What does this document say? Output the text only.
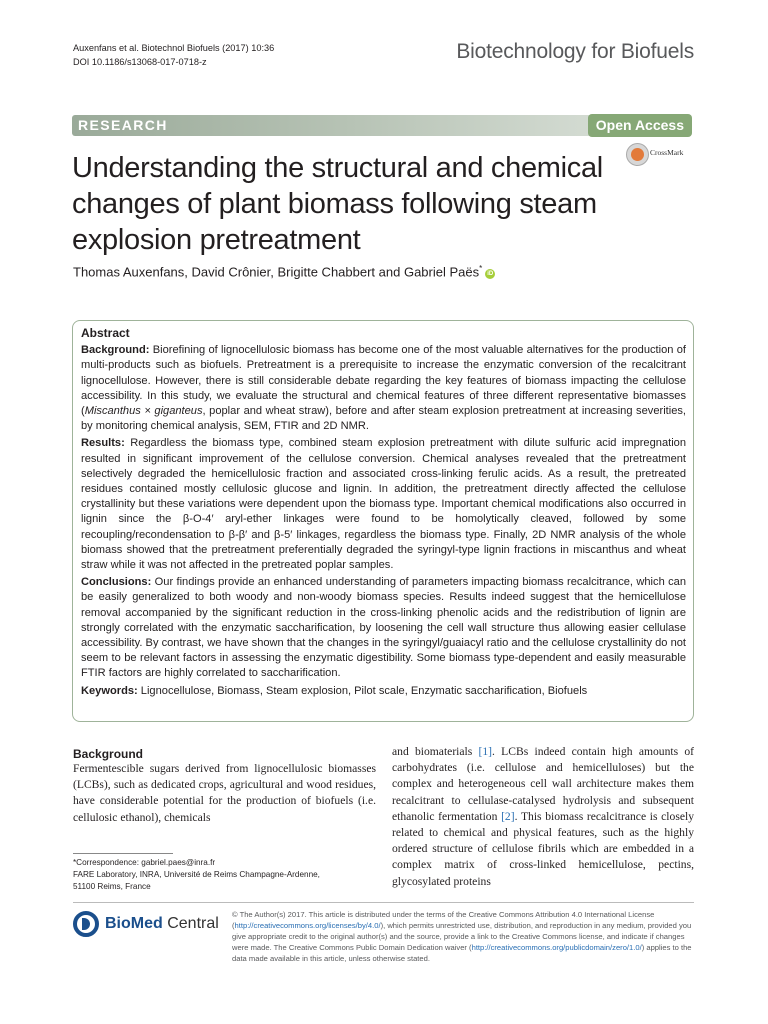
Auxenfans et al. Biotechnol Biofuels (2017) 10:36
DOI 10.1186/s13068-017-0718-z	Biotechnology for Biofuels
RESEARCH	Open Access
CrossMark
Understanding the structural and chemical changes of plant biomass following steam explosion pretreatment
Thomas Auxenfans, David Crônier, Brigitte Chabbert and Gabriel Paës*iD
Abstract

Background: Biorefining of lignocellulosic biomass has become one of the most valuable alternatives for the production of multi-products such as biofuels. Pretreatment is a prerequisite to increase the enzymatic conversion of the recalcitrant lignocellulose. However, there is still considerable debate regarding the key features of biomass impacting the cellulose accessibility. In this study, we evaluate the structural and chemical features of three different representative biomasses (Miscanthus × giganteus, poplar and wheat straw), before and after steam explosion pretreatment at increasing severities, by monitoring chemical analysis, SEM, FTIR and 2D NMR.

Results: Regardless the biomass type, combined steam explosion pretreatment with dilute sulfuric acid impregnation resulted in significant improvement of the cellulose conversion. Chemical analyses revealed that the pretreatment selectively degraded the hemicellulosic fraction and associated cross-linking ferulic acids. As a result, the pretreated residues contained mostly cellulosic glucose and lignin. In addition, the pretreatment directly affected the cellulose crystallinity but these variations were dependent upon the biomass type. Important chemical modifications also occurred in lignin since the β-O-4′ aryl-ether linkages were found to be homolytically cleaved, followed by some recoupling/recondensation to β-β′ and β-5′ linkages, regardless the biomass type. Finally, 2D NMR analysis of the whole biomass showed that the pretreatment preferentially degraded the syringyl-type lignin fractions in miscanthus and wheat straw while it was not affected in the pretreated poplar samples.

Conclusions: Our findings provide an enhanced understanding of parameters impacting biomass recalcitrance, which can be easily generalized to both woody and non-woody biomass species. Results indeed suggest that the hemicellulose removal accompanied by the significant reduction in the cross-linking phenolic acids and the redistribution of lignin are strongly correlated with the enzymatic saccharification, by loosening the cell wall structure thus allowing easier cellulase accessibility. By contrast, we have shown that the changes in the syringyl/guaiacyl ratio and the cellulose crystallinity do not seem to be relevant factors in assessing the enzymatic digestibility. Some biomass type-dependent and easily measurable FTIR factors are highly correlated to saccharification.

Keywords: Lignocellulose, Biomass, Steam explosion, Pilot scale, Enzymatic saccharification, Biofuels

Background

Fermentescible sugars derived from lignocellulosic biomasses (LCBs), such as dedicated crops, agricultural and wood residues, have considerable potential for the production of biofuels (i.e. cellulosic ethanol), chemicals

and biomaterials [1]. LCBs indeed contain high amounts of carbohydrates (i.e. cellulose and hemicelluloses) but the complex and heterogeneous cell wall architecture makes them recalcitrant to cellulase-catalysed hydrolysis and subsequent ethanolic fermentation [2]. This biomass recalcitrance is closely related to chemical and physical features, such as the highly ordered structure of cellulose fibrils which are embedded in a complex matrix of cross-linked hemicellulose, pectins, glycosylated proteins

*Correspondence: gabriel.paes@inra.fr
FARE Laboratory, INRA, Université de Reims Champagne-Ardenne,
51100 Reims, France
BioMed Central
© The Author(s) 2017. This article is distributed under the terms of the Creative Commons Attribution 4.0 International License (http://creativecommons.org/licenses/by/4.0/), which permits unrestricted use, distribution, and reproduction in any medium, provided you give appropriate credit to the original author(s) and the source, provide a link to the Creative Commons license, and indicate if changes were made. The Creative Commons Public Domain Dedication waiver (http://creativecommons.org/publicdomain/zero/1.0/) applies to the data made available in this article, unless otherwise stated.
